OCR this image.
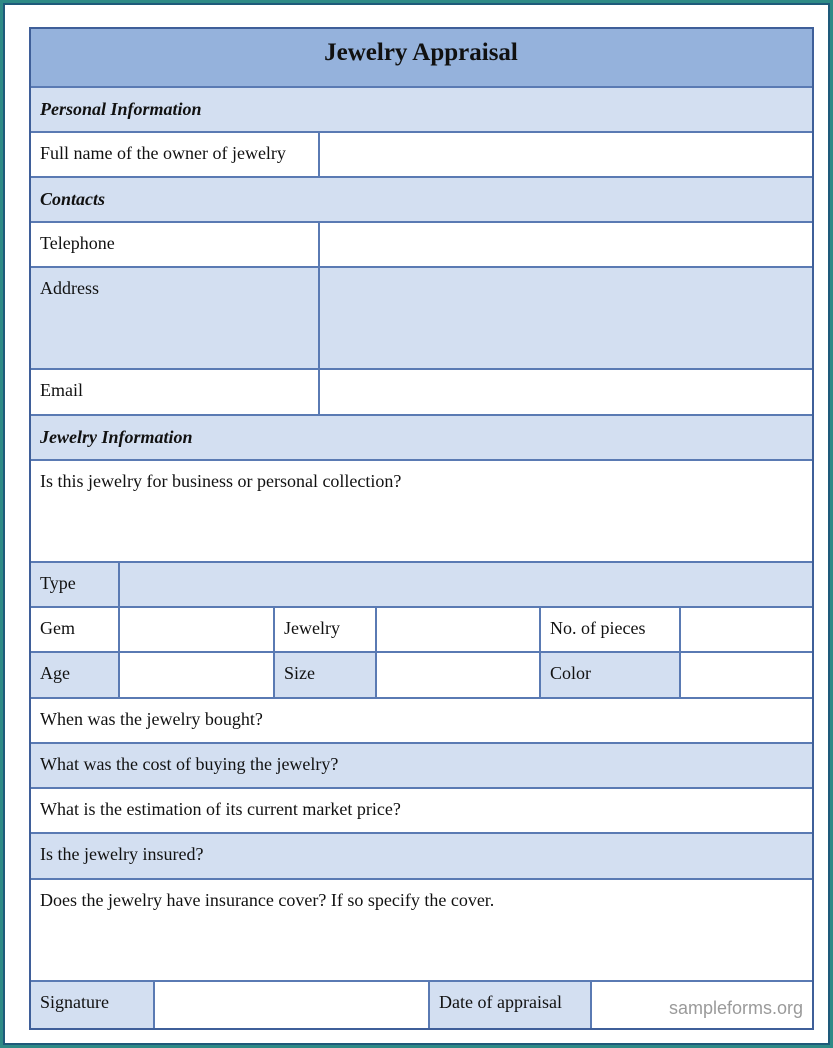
Jewelry Appraisal
Personal Information
Full name of the owner of jewelry
Contacts
Telephone
Address
Email
Jewelry Information
Is this jewelry for business or personal collection?
Type
Gem	Jewelry	No. of pieces
Age	Size	Color
When was the jewelry bought?
What was the cost of buying the jewelry?
What is the estimation of its current market price?
Is the jewelry insured?
Does the jewelry have insurance cover? If so specify the cover.
Signature	Date of appraisal	sampleforms.org
